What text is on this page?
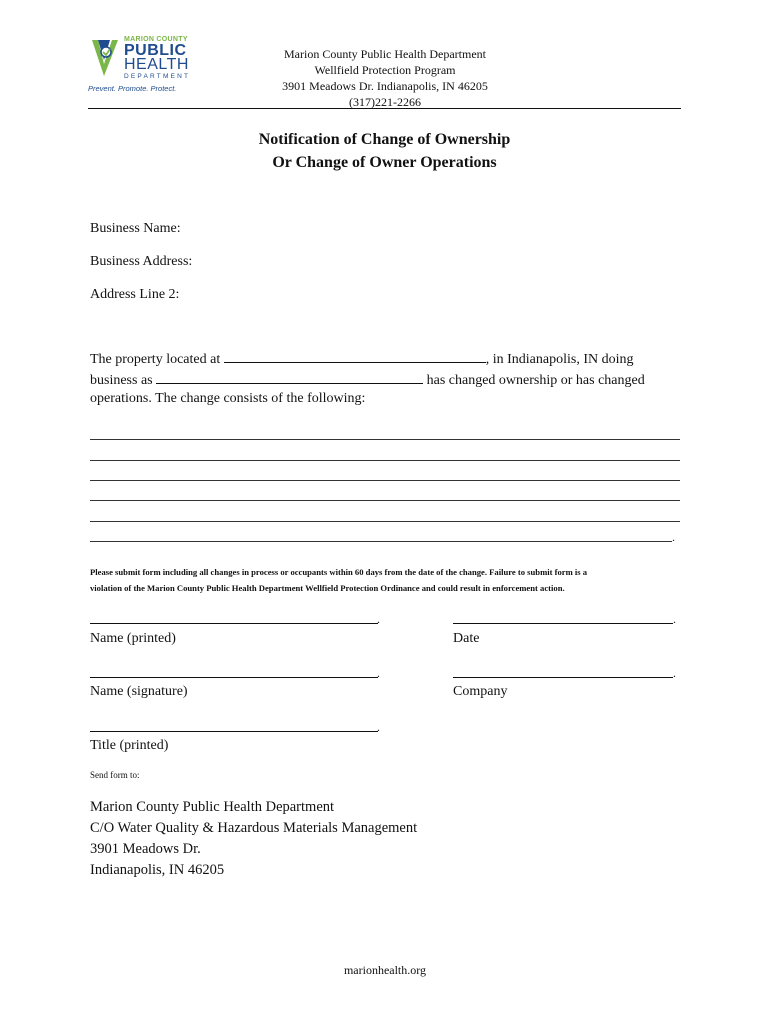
MARION COUNTY
PUBLIC
HEALTH
DEPARTMENT
Prevent. Promote. Protect.
Marion County Public Health Department
Wellfield Protection Program
3901 Meadows Dr. Indianapolis, IN 46205
(317)221-2266
Notification of Change of Ownership
Or Change of Owner Operations
Business Name:
Business Address:
Address Line 2:
The property located at	, in Indianapolis, IN doing
business as	has changed ownership or has changed
operations. The change consists of the following:
.
Please submit form including all changes in process or occupants within 60 days from the date of the change. Failure to submit form is a
violation of the Marion County Public Health Department Wellfield Protection Ordinance and could result in enforcement action.
.	.
Name (printed)	Date
.	.
Name (signature)	Company
.
Title (printed)
Send form to:
Marion County Public Health Department
C/O Water Quality & Hazardous Materials Management
3901 Meadows Dr.
Indianapolis, IN 46205
marionhealth.org
